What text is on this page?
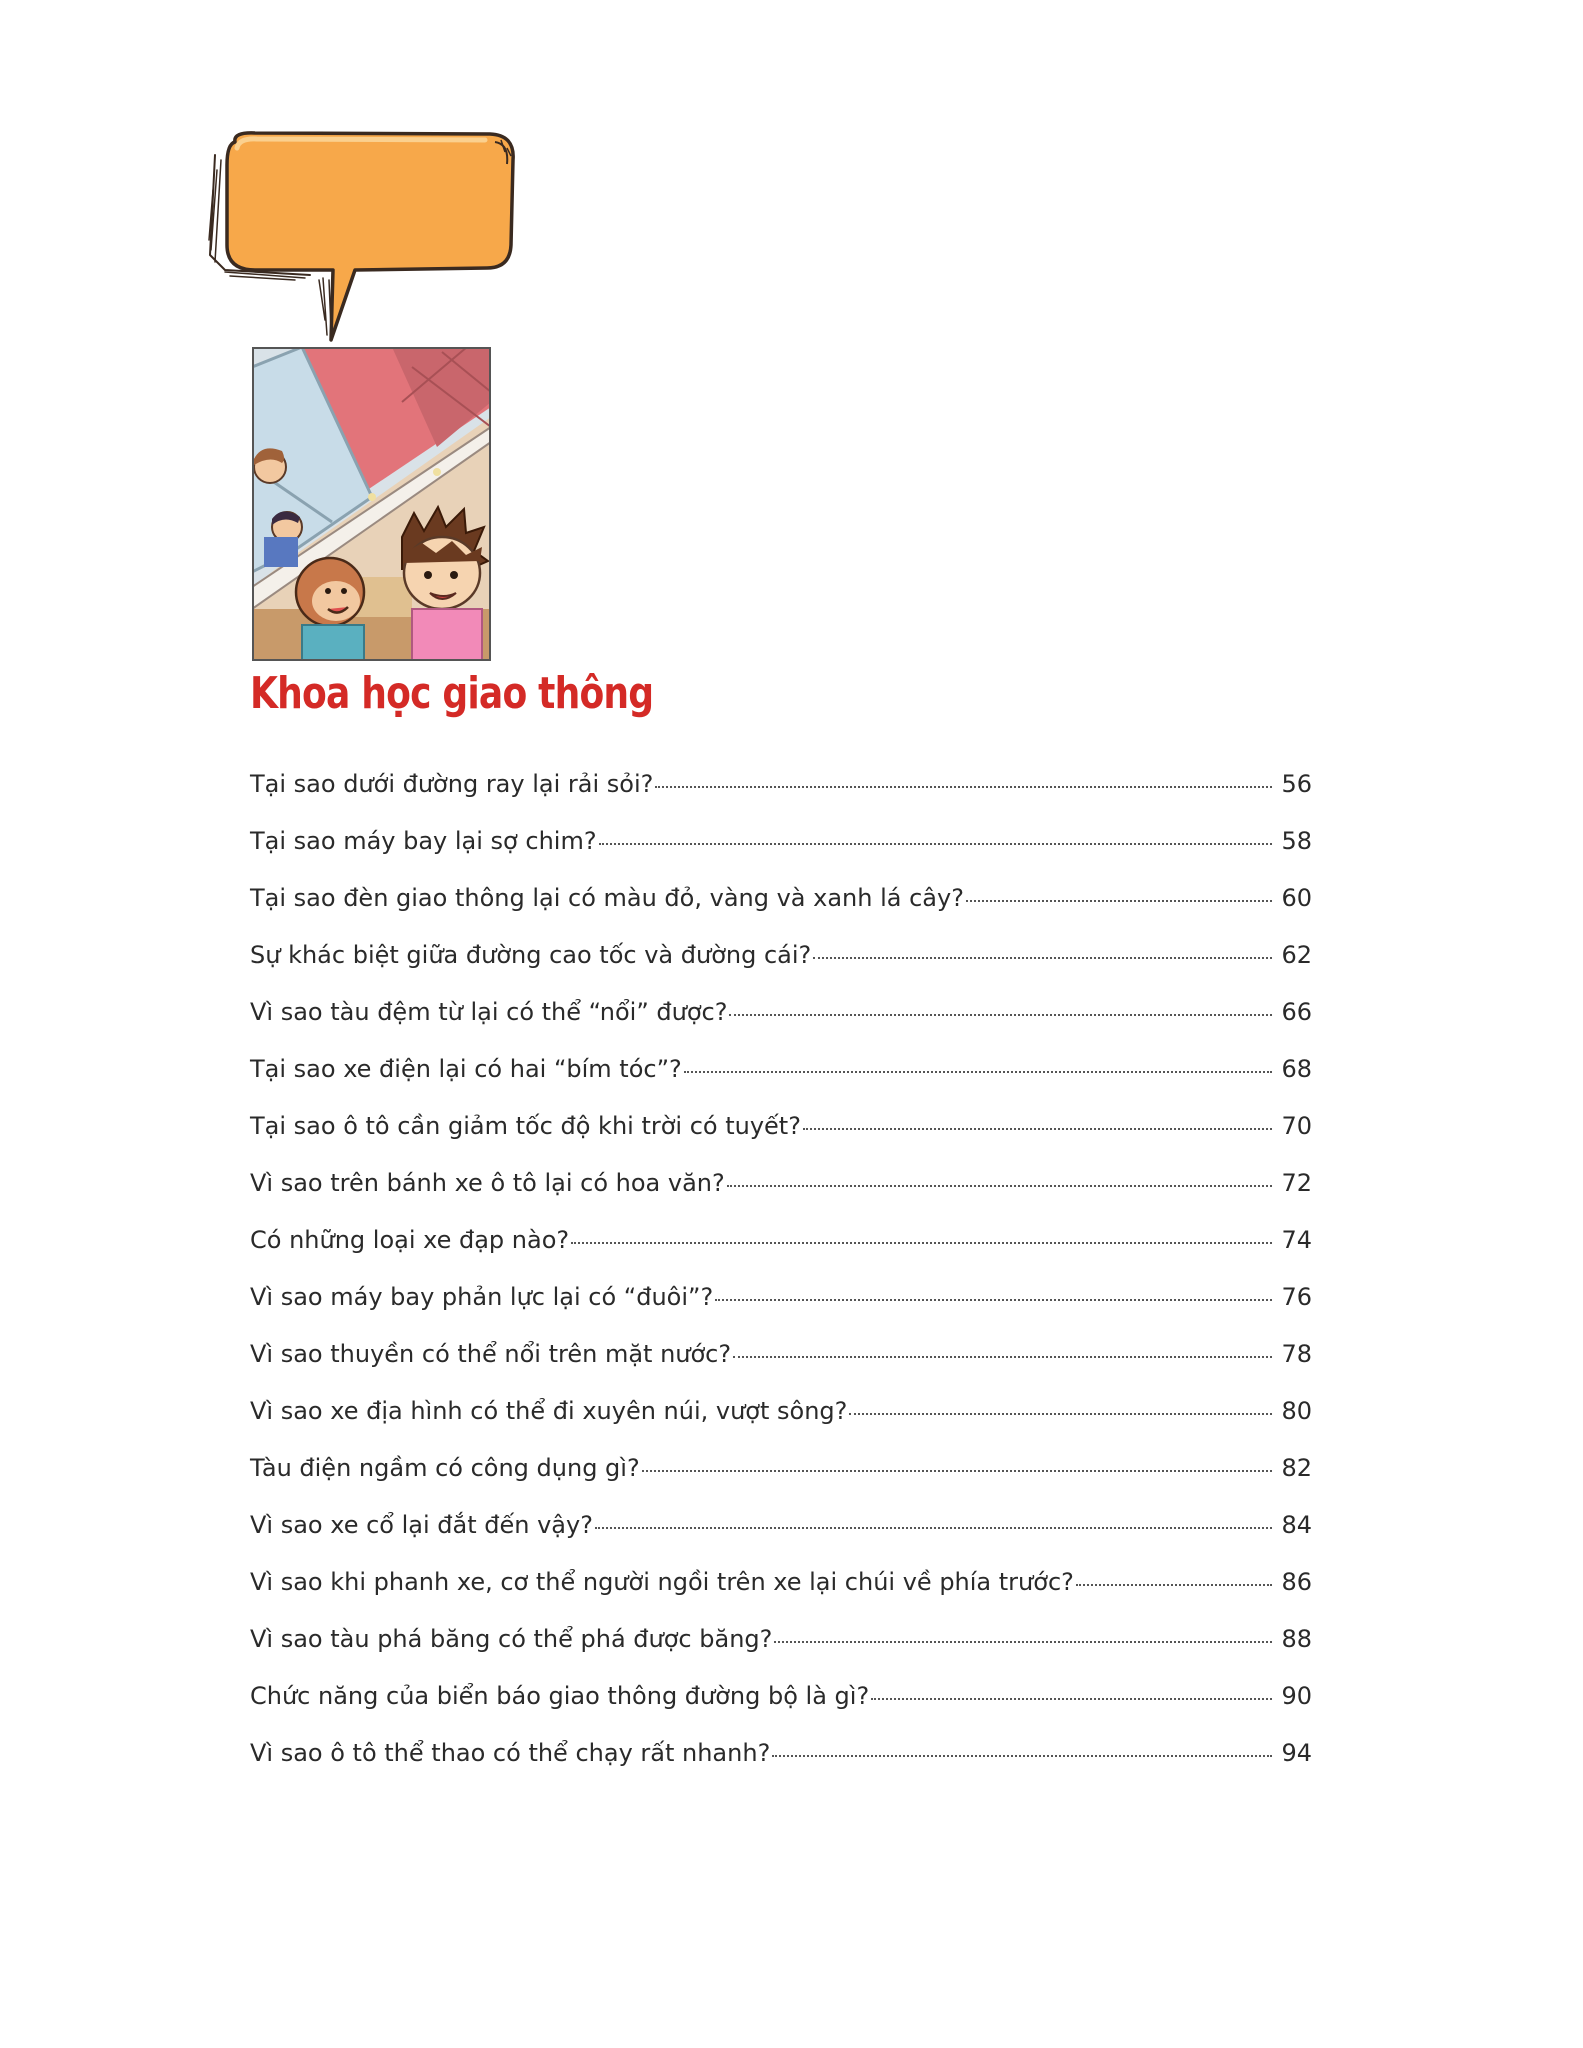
Khoa học giao thông
Tại sao dưới đường ray lại rải sỏi?	56
Tại sao máy bay lại sợ chim?	58
Tại sao đèn giao thông lại có màu đỏ, vàng và xanh lá cây?	60
Sự khác biệt giữa đường cao tốc và đường cái?	62
Vì sao tàu đệm từ lại có thể “nổi” được?	66
Tại sao xe điện lại có hai “bím tóc”?	68
Tại sao ô tô cần giảm tốc độ khi trời có tuyết?	70
Vì sao trên bánh xe ô tô lại có hoa văn?	72
Có những loại xe đạp nào?	74
Vì sao máy bay phản lực lại có “đuôi”?	76
Vì sao thuyền có thể nổi trên mặt nước?	78
Vì sao xe địa hình có thể đi xuyên núi, vượt sông?	80
Tàu điện ngầm có công dụng gì?	82
Vì sao xe cổ lại đắt đến vậy?	84
Vì sao khi phanh xe, cơ thể người ngồi trên xe lại chúi về phía trước?	86
Vì sao tàu phá băng có thể phá được băng?	88
Chức năng của biển báo giao thông đường bộ là gì?	90
Vì sao ô tô thể thao có thể chạy rất nhanh?	94
